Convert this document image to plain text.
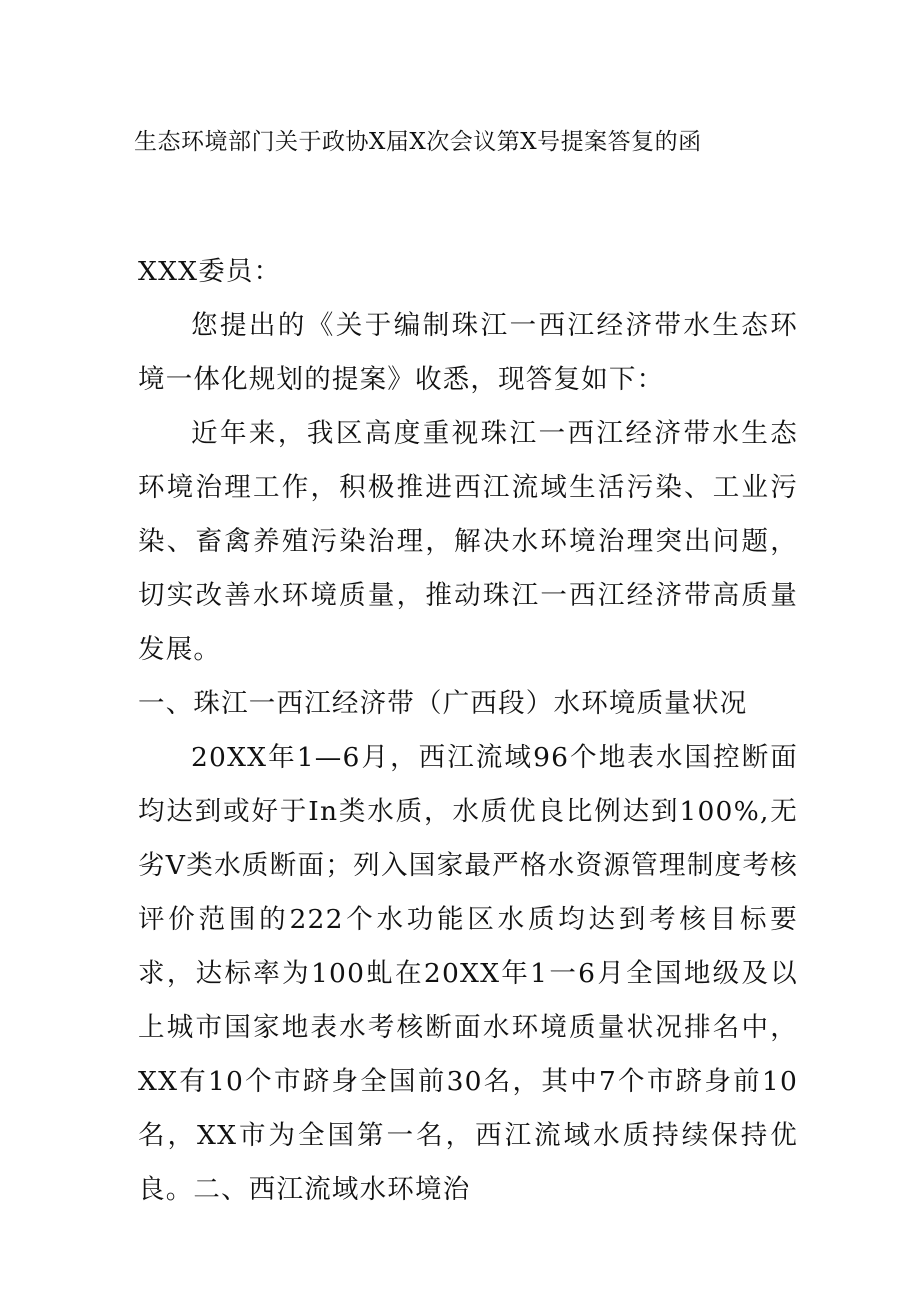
生态环境部门关于政协X届X次会议第X号提案答复的函

XXX委员：

您提出的《关于编制珠江一西江经济带水生态环境一体化规划的提案》收悉，现答复如下：

近年来，我区高度重视珠江一西江经济带水生态环境治理工作，积极推进西江流域生活污染、工业污染、畜禽养殖污染治理，解决水环境治理突出问题，切实改善水环境质量，推动珠江一西江经济带高质量发展。

一、珠江一西江经济带（广西段）水环境质量状况

20XX年1—6月，西江流域96个地表水国控断面均达到或好于In类水质，水质优良比例达到100%,无劣V类水质断面；列入国家最严格水资源管理制度考核评价范围的222个水功能区水质均达到考核目标要求，达标率为100虬在20XX年1一6月全国地级及以上城市国家地表水考核断面水环境质量状况排名中，XX有10个市跻身全国前30名，其中7个市跻身前10名，XX市为全国第一名，西江流域水质持续保持优良。二、西江流域水环境治
